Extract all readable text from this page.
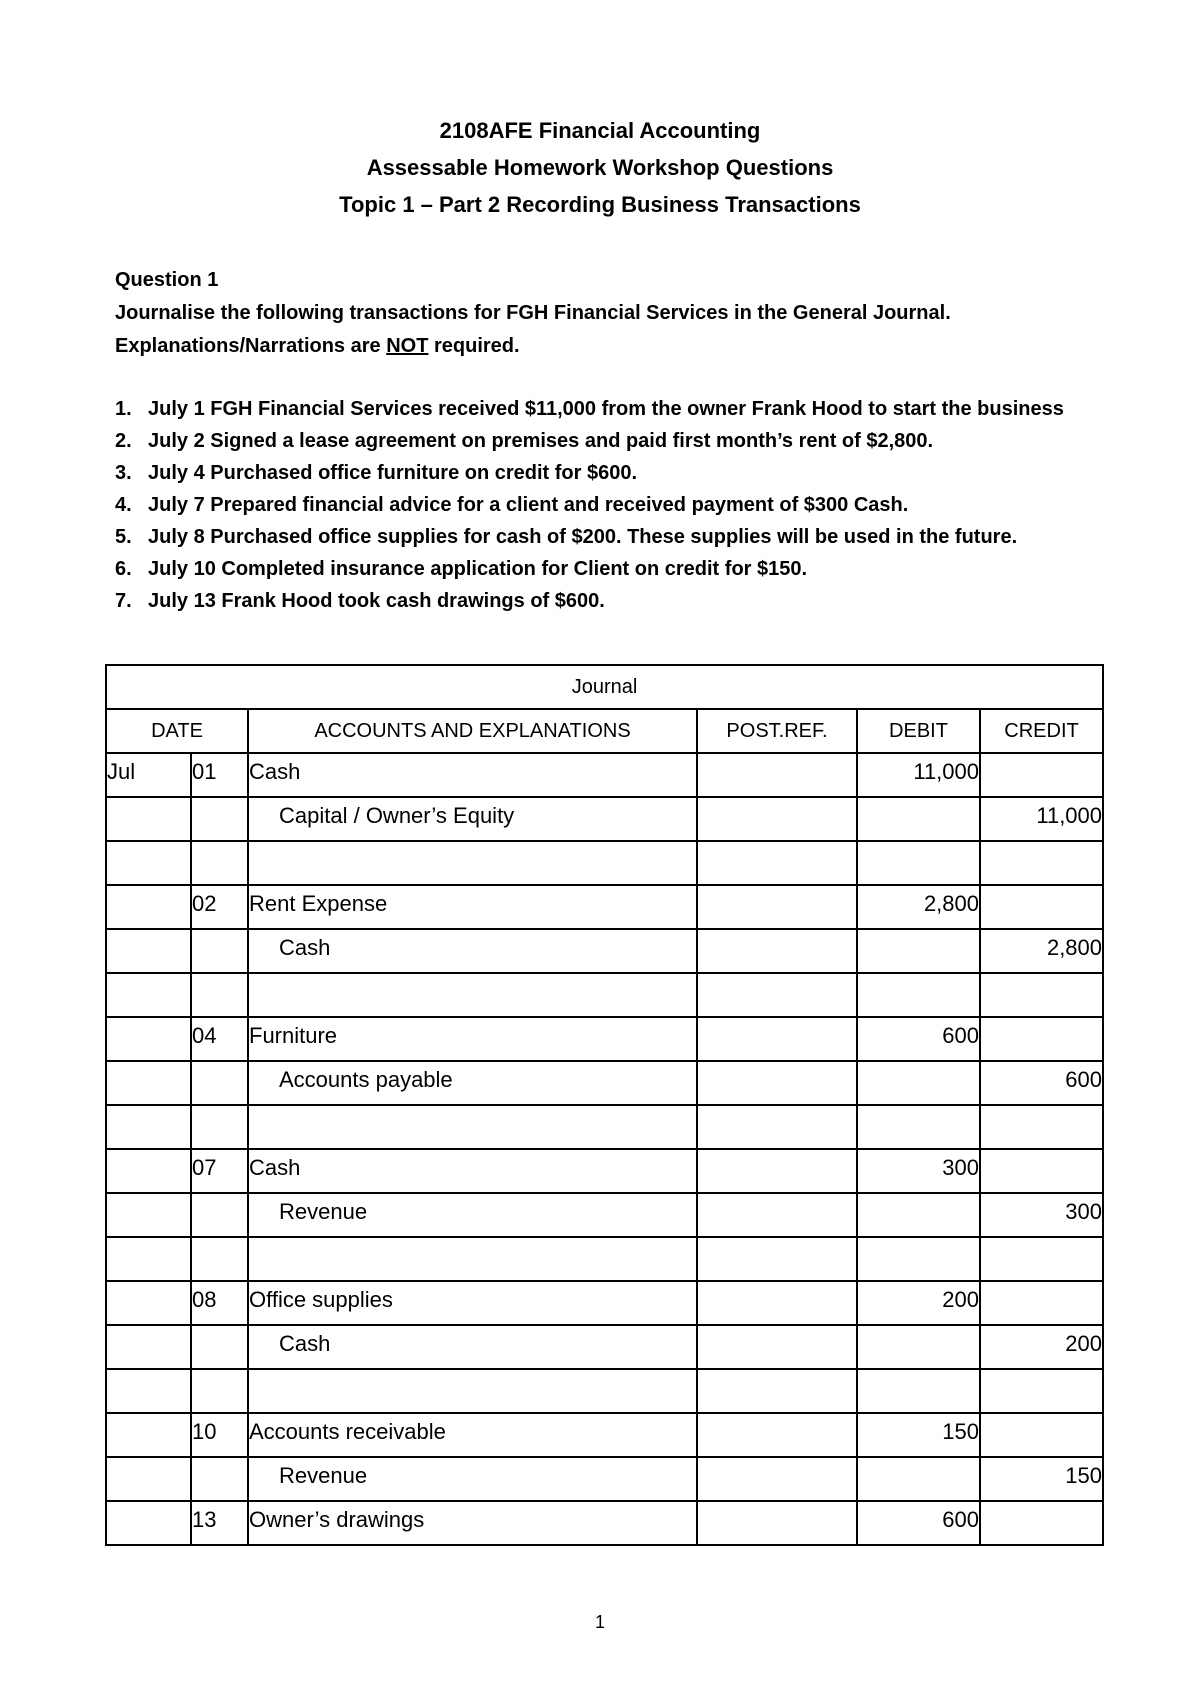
2108AFE Financial Accounting
Assessable Homework Workshop Questions
Topic 1 – Part 2 Recording Business Transactions
Question 1
Journalise the following transactions for FGH Financial Services in the General Journal.
Explanations/Narrations are NOT required.
1. July 1 FGH Financial Services received $11,000 from the owner Frank Hood to start the business
2. July 2 Signed a lease agreement on premises and paid first month’s rent of $2,800.
3. July 4 Purchased office furniture on credit for $600.
4. July 7 Prepared financial advice for a client and received payment of $300 Cash.
5. July 8 Purchased office supplies for cash of $200. These supplies will be used in the future.
6. July 10 Completed insurance application for Client on credit for $150.
7. July 13 Frank Hood took cash drawings of $600.
Journal					
DATE		ACCOUNTS AND EXPLANATIONS	POST.REF.	DEBIT	CREDIT
Jul	01	Cash		11,000	
		Capital / Owner’s Equity			11,000

	02	Rent Expense		2,800	
		Cash			2,800

	04	Furniture		600	
		Accounts payable			600

	07	Cash		300	
		Revenue			300

	08	Office supplies		200	
		Cash			200

	10	Accounts receivable		150	
		Revenue			150
	13	Owner’s drawings		600	
1
